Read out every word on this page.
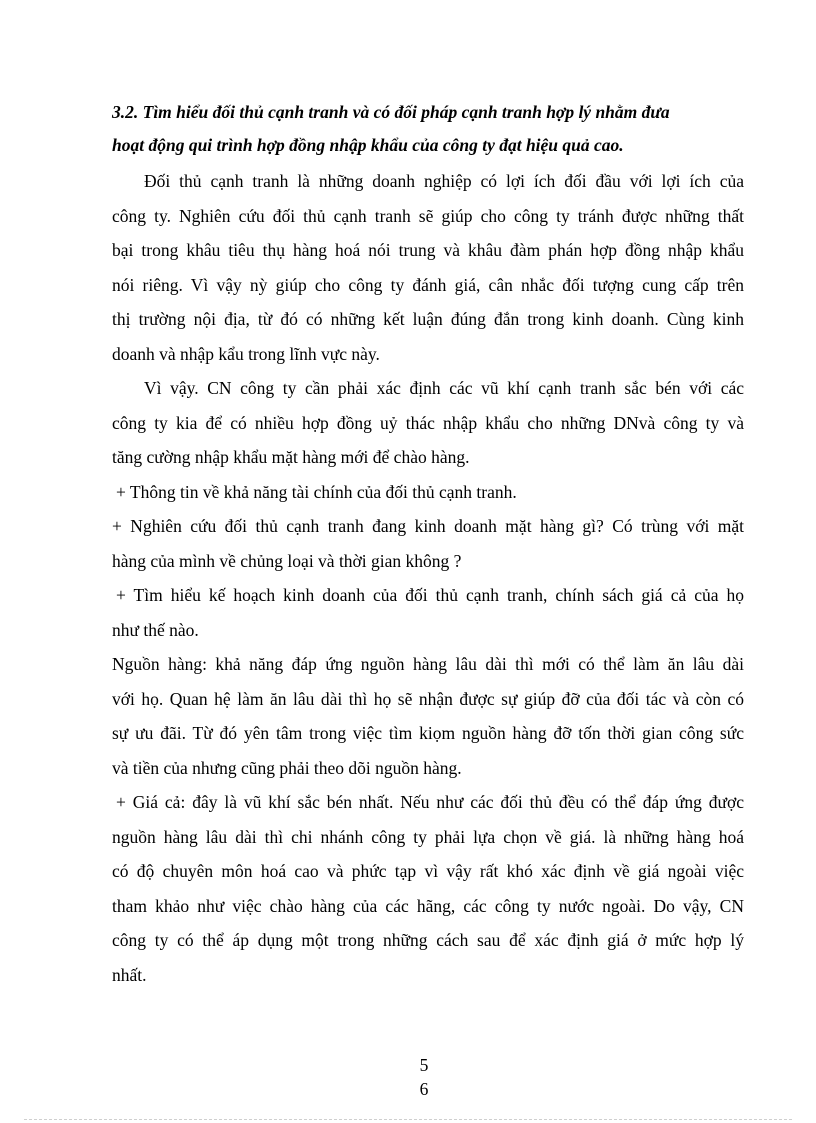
3.2. Tìm hiểu đối thủ cạnh tranh và có đối pháp cạnh tranh hợp lý nhằm đưa
hoạt động qui trình hợp đồng nhập khẩu của công ty đạt hiệu quả cao.
Đối thủ cạnh tranh là những doanh nghiệp có lợi ích đối đầu với lợi ích của
công ty. Nghiên cứu đối thủ cạnh tranh sẽ giúp cho công ty tránh được những thất
bại trong khâu tiêu thụ hàng hoá nói trung và khâu đàm phán hợp đồng nhập khẩu
nói riêng. Vì vậy nỳ giúp cho công ty đánh giá, cân nhắc đối tượng cung cấp trên
thị trường nội địa, từ đó có những kết luận đúng đắn trong kinh doanh. Cùng kinh
doanh và nhập kẩu trong lĩnh vực này.
Vì vậy. CN công ty cần phải xác định các vũ khí cạnh tranh sắc bén với các
công ty kia để có nhiều hợp đồng uỷ thác nhập khẩu cho những DNvà công ty và
tăng cường nhập khẩu mặt hàng mới để chào hàng.
+ Thông tin về khả năng tài chính của đối thủ cạnh tranh.
+ Nghiên cứu đối thủ cạnh tranh đang kinh doanh mặt hàng gì? Có trùng với mặt
hàng của mình về chủng loại và thời gian không ?
+ Tìm hiểu kế hoạch kinh doanh của đối thủ cạnh tranh, chính sách giá cả của họ
như thế nào.
Nguồn hàng: khả năng đáp ứng nguồn hàng lâu dài thì mới có thể làm ăn lâu dài
với họ. Quan hệ làm ăn lâu dài thì họ sẽ nhận được sự giúp đỡ của đối tác và còn có
sự ưu đãi. Từ đó yên tâm trong việc tìm kiọm nguồn hàng đỡ tốn thời gian công sức
và tiền của nhưng cũng phải theo dõi nguồn hàng.
+ Giá cả: đây là vũ khí sắc bén nhất. Nếu như các đối thủ đều có thể đáp ứng được
nguồn hàng lâu dài thì chi nhánh công ty phải lựa chọn về giá. là những hàng hoá
có độ chuyên môn hoá cao và phức tạp vì vậy rất khó xác định về giá ngoài việc
tham khảo như việc chào hàng của các hãng, các công ty nước ngoài. Do vậy, CN
công ty có thể áp dụng một trong những cách sau để xác định giá ở mức hợp lý
nhất.
5
6
